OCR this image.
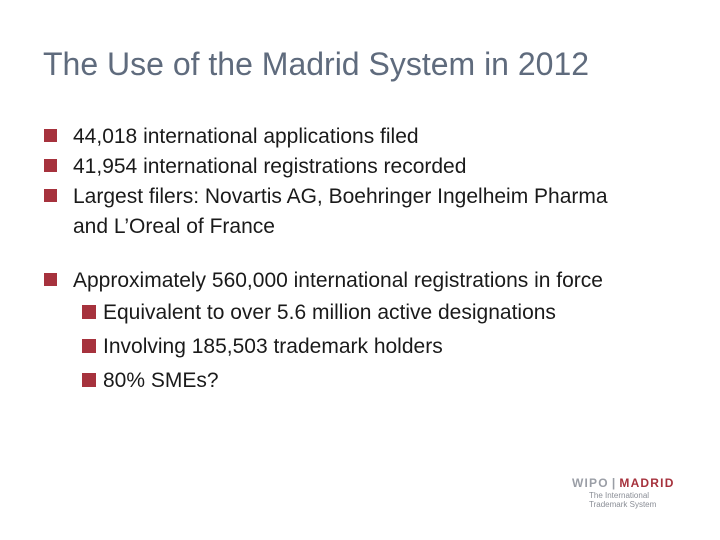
The Use of the Madrid System in 2012
44,018 international applications filed
41,954 international registrations recorded
Largest filers: Novartis AG, Boehringer Ingelheim Pharma and L’Oreal of France
Approximately 560,000 international registrations in force
Equivalent to over 5.6 million active designations
Involving 185,503 trademark holders
80% SMEs?
WIPO | MADRID
The International
Trademark System
